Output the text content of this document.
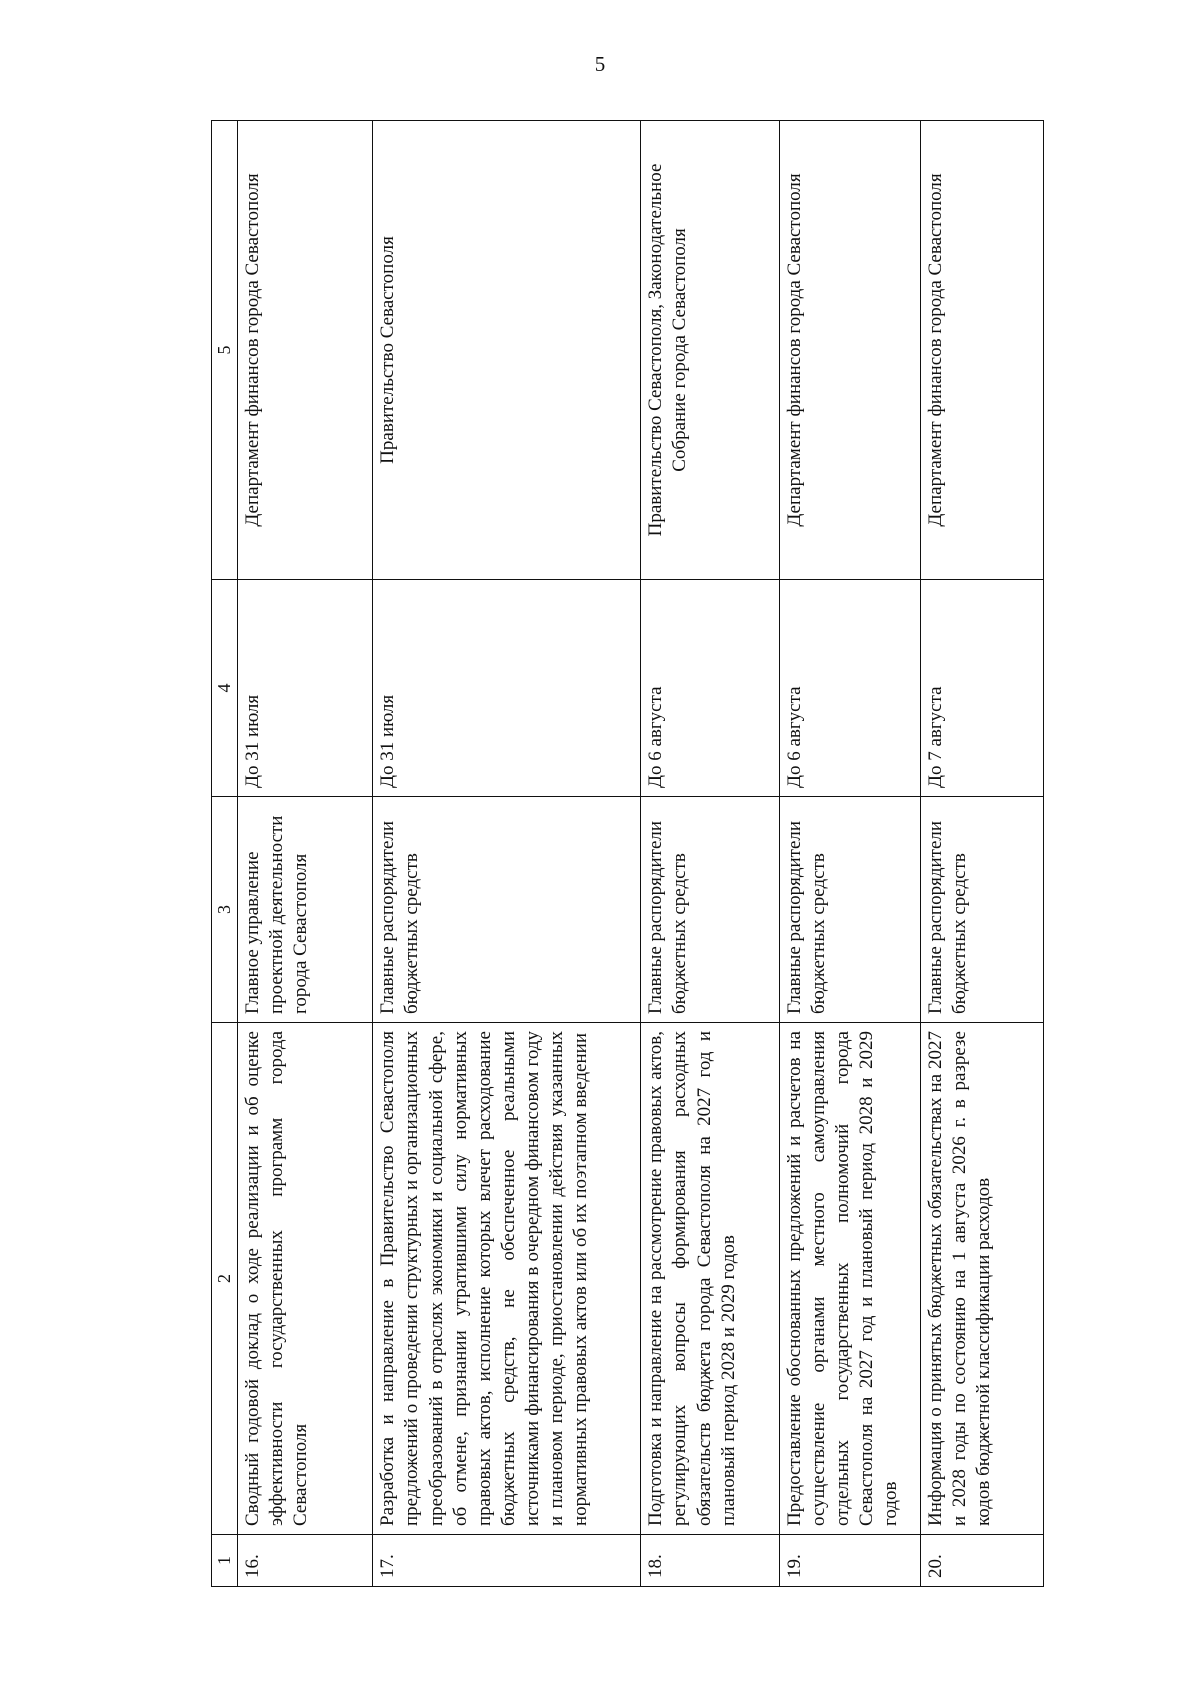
5
1	2	3	4	5
16.	Сводный годовой доклад о ходе реализации и об оценке эффективности государственных программ города Севастополя	Главное управление проектной деятельности города Севастополя	До 31 июля	Департамент финансов города Севастополя
17.	Разработка и направление в Правительство Севастополя предложений о проведении структурных и организационных преобразований в отраслях экономики и социальной сфере, об отмене, признании утратившими силу нормативных правовых актов, исполнение которых влечет расходование бюджетных средств, не обеспеченное реальными источниками финансирования в очередном финансовом году и плановом периоде, приостановлении действия указанных нормативных правовых актов или об их поэтапном введении	Главные распорядители бюджетных средств	До 31 июля	Правительство Севастополя
18.	Подготовка и направление на рассмотрение правовых актов, регулирующих вопросы формирования расходных обязательств бюджета города Севастополя на 2027 год и плановый период 2028 и 2029 годов	Главные распорядители бюджетных средств	До 6 августа	Правительство Севастополя, Законодательное Собрание города Севастополя
19.	Предоставление обоснованных предложений и расчетов на осуществление органами местного самоуправления отдельных государственных полномочий города Севастополя на 2027 год и плановый период 2028 и 2029 годов	Главные распорядители бюджетных средств	До 6 августа	Департамент финансов города Севастополя
20.	Информация о принятых бюджетных обязательствах на 2027 и 2028 годы по состоянию на 1 августа 2026 г. в разрезе кодов бюджетной классификации расходов	Главные распорядители бюджетных средств	До 7 августа	Департамент финансов города Севастополя
